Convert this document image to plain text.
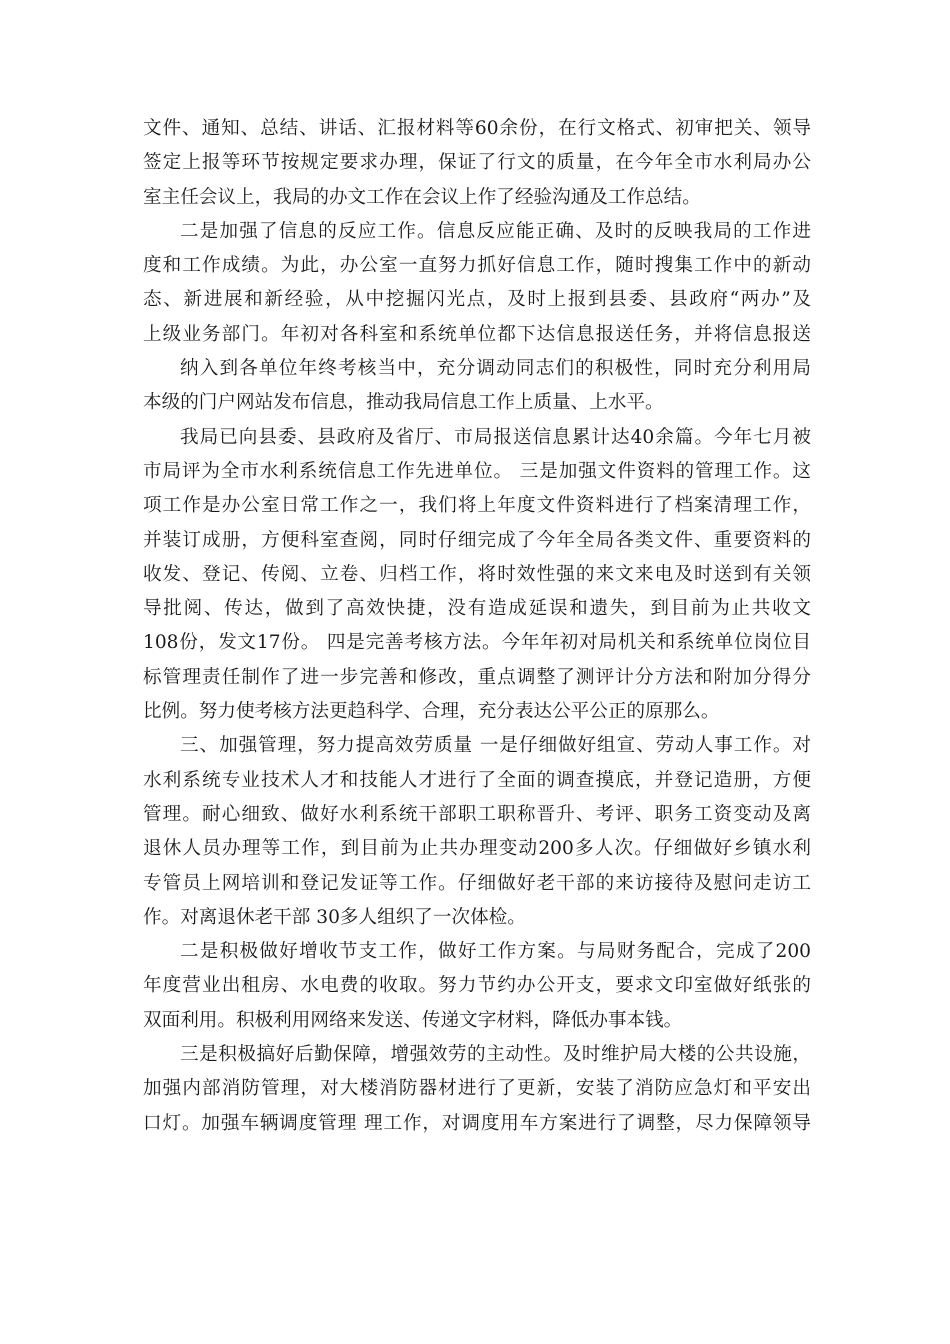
文件、通知、总结、讲话、汇报材料等60余份，在行文格式、初审把关、领导
签定上报等环节按规定要求办理，保证了行文的质量，在今年全市水利局办公
室主任会议上，我局的办文工作在会议上作了经验沟通及工作总结。
二是加强了信息的反应工作。信息反应能正确、及时的反映我局的工作进
度和工作成绩。为此，办公室一直努力抓好信息工作，随时搜集工作中的新动
态、新进展和新经验，从中挖掘闪光点，及时上报到县委、县政府“两办”及
上级业务部门。年初对各科室和系统单位都下达信息报送任务，并将信息报送
纳入到各单位年终考核当中，充分调动同志们的积极性，同时充分利用局
本级的门户网站发布信息，推动我局信息工作上质量、上水平。
我局已向县委、县政府及省厅、市局报送信息累计达40余篇。今年七月被
市局评为全市水利系统信息工作先进单位。 三是加强文件资料的管理工作。这
项工作是办公室日常工作之一，我们将上年度文件资料进行了档案清理工作，
并装订成册，方便科室查阅，同时仔细完成了今年全局各类文件、重要资料的
收发、登记、传阅、立卷、归档工作，将时效性强的来文来电及时送到有关领
导批阅、传达，做到了高效快捷，没有造成延误和遗失，到目前为止共收文
108份，发文17份。 四是完善考核方法。今年年初对局机关和系统单位岗位目
标管理责任制作了进一步完善和修改，重点调整了测评计分方法和附加分得分
比例。努力使考核方法更趋科学、合理，充分表达公平公正的原那么。
三、加强管理，努力提高效劳质量 一是仔细做好组宣、劳动人事工作。对
水利系统专业技术人才和技能人才进行了全面的调查摸底，并登记造册，方便
管理。耐心细致、做好水利系统干部职工职称晋升、考评、职务工资变动及离
退休人员办理等工作，到目前为止共办理变动200多人次。仔细做好乡镇水利
专管员上网培训和登记发证等工作。仔细做好老干部的来访接待及慰问走访工
作。对离退休老干部 30多人组织了一次体检。
二是积极做好增收节支工作，做好工作方案。与局财务配合，完成了200
年度营业出租房、水电费的收取。努力节约办公开支，要求文印室做好纸张的
双面利用。积极利用网络来发送、传递文字材料，降低办事本钱。
三是积极搞好后勤保障，增强效劳的主动性。及时维护局大楼的公共设施，
加强内部消防管理，对大楼消防器材进行了更新，安装了消防应急灯和平安出
口灯。加强车辆调度管理 理工作，对调度用车方案进行了调整，尽力保障领导
